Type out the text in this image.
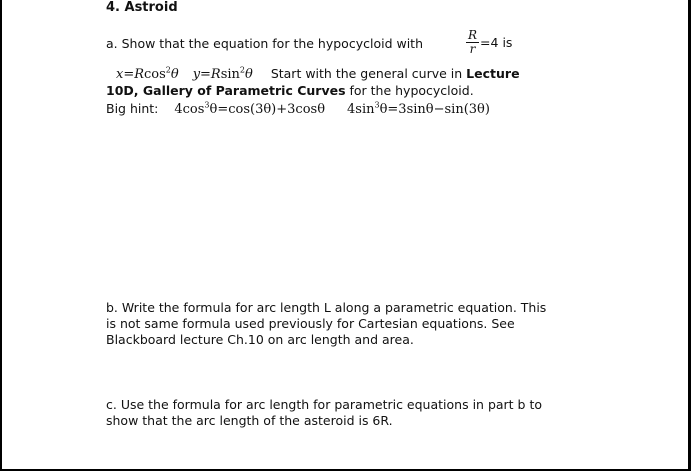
4. Astroid
a. Show that the equation for the hypocycloid with	$\frac{R}{r} =4$ is
x=Rcos$^2$θ y=Rsin$^2$θ Start with the general curve in Lecture
10D, Gallery of Parametric Curves for the hypocycloid.
Big hint: $4\cos^3\theta=\cos(3\theta)+3\cos\theta$ $4\sin^3\theta=3\sin\theta-\sin(3\theta)$
b. Write the formula for arc length L along a parametric equation. This
is not same formula used previously for Cartesian equations. See
Blackboard lecture Ch.10 on arc length and area.
c. Use the formula for arc length for parametric equations in part b to
show that the arc length of the asteroid is 6R.
